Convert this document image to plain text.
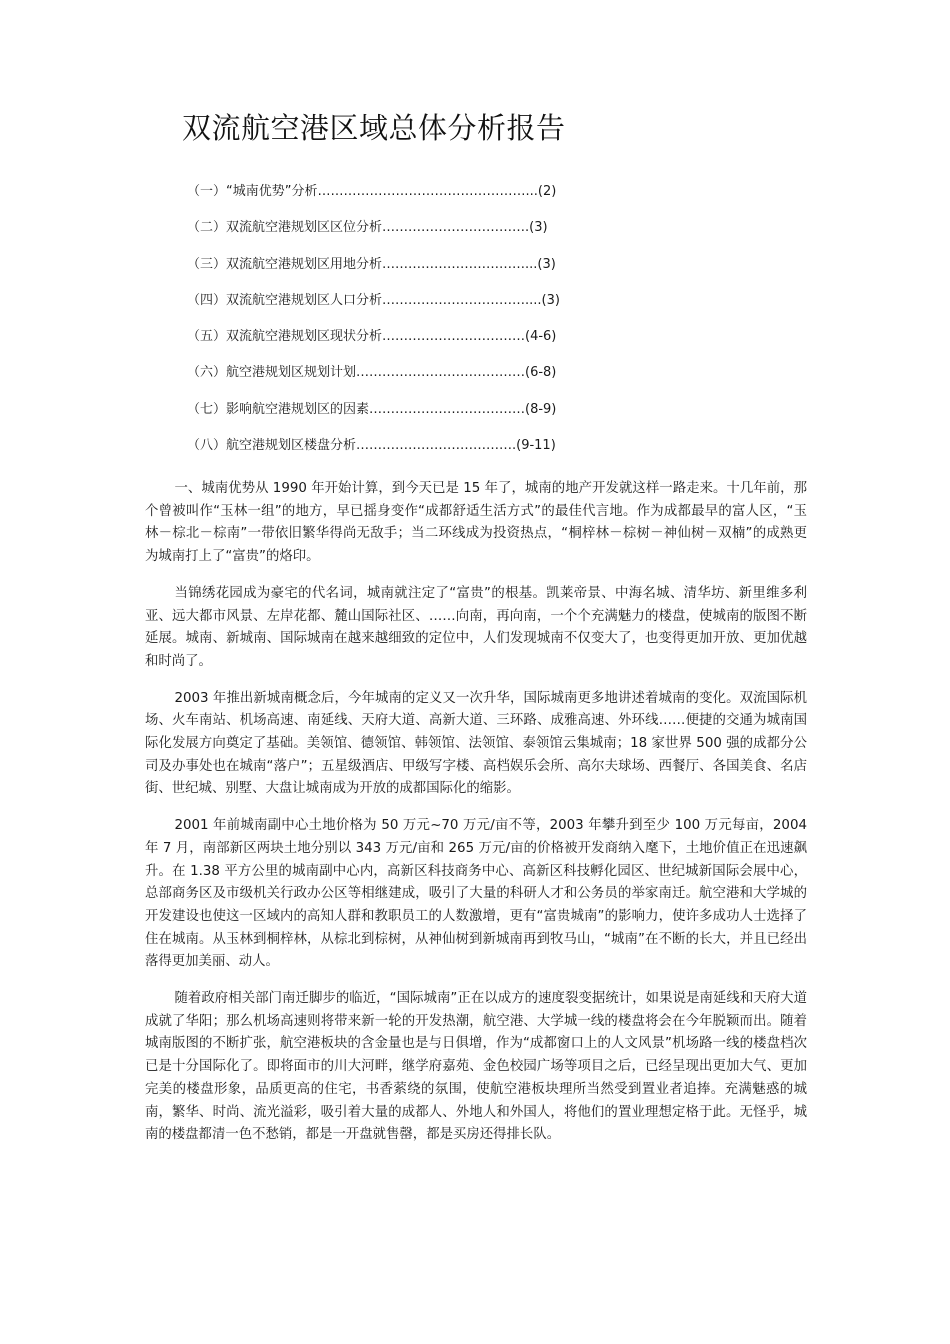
双流航空港区域总体分析报告
（一）“城南优势”分析…………………………………………...(2)
（二）双流航空港规划区区位分析…………………………….(3)
（三）双流航空港规划区用地分析……………………………...(3)
（四）双流航空港规划区人口分析……………………………....(3)
（五）双流航空港规划区现状分析……………………………(4-6)
（六）航空港规划区规划计划…………………………………(6-8)
（七）影响航空港规划区的因素………………………………(8-9)
（八）航空港规划区楼盘分析……………………………….(9-11)

一、城南优势从 1990 年开始计算，到今天已是 15 年了，城南的地产开发就这样一路走来。十几年前，那个曾被叫作“玉林一组”的地方，早已摇身变作“成都舒适生活方式”的最佳代言地。作为成都最早的富人区，“玉林－棕北－棕南”一带依旧繁华得尚无敌手；当二环线成为投资热点，“桐梓林－棕树－神仙树－双楠”的成熟更为城南打上了“富贵”的烙印。

当锦绣花园成为豪宅的代名词，城南就注定了“富贵”的根基。凯莱帝景、中海名城、清华坊、新里维多利亚、远大都市风景、左岸花都、麓山国际社区、……向南，再向南，一个个充满魅力的楼盘，使城南的版图不断延展。城南、新城南、国际城南在越来越细致的定位中，人们发现城南不仅变大了，也变得更加开放、更加优越和时尚了。

2003 年推出新城南概念后，今年城南的定义又一次升华，国际城南更多地讲述着城南的变化。双流国际机场、火车南站、机场高速、南延线、天府大道、高新大道、三环路、成雅高速、外环线……便捷的交通为城南国际化发展方向奠定了基础。美领馆、德领馆、韩领馆、法领馆、泰领馆云集城南；18 家世界 500 强的成都分公司及办事处也在城南“落户”；五星级酒店、甲级写字楼、高档娱乐会所、高尔夫球场、西餐厅、各国美食、名店街、世纪城、别墅、大盘让城南成为开放的成都国际化的缩影。

2001 年前城南副中心土地价格为 50 万元~70 万元/亩不等，2003 年攀升到至少 100 万元每亩，2004 年 7 月，南部新区两块土地分别以 343 万元/亩和 265 万元/亩的价格被开发商纳入麾下，土地价值正在迅速飙升。在 1.38 平方公里的城南副中心内，高新区科技商务中心、高新区科技孵化园区、世纪城新国际会展中心，总部商务区及市级机关行政办公区等相继建成，吸引了大量的科研人才和公务员的举家南迁。航空港和大学城的开发建设也使这一区域内的高知人群和教职员工的人数激增，更有“富贵城南”的影响力，使许多成功人士选择了住在城南。从玉林到桐梓林，从棕北到棕树，从神仙树到新城南再到牧马山，“城南”在不断的长大，并且已经出落得更加美丽、动人。

随着政府相关部门南迁脚步的临近，“国际城南”正在以成方的速度裂变据统计，如果说是南延线和天府大道成就了华阳；那么机场高速则将带来新一轮的开发热潮，航空港、大学城一线的楼盘将会在今年脱颖而出。随着城南版图的不断扩张，航空港板块的含金量也是与日俱增，作为“成都窗口上的人文风景”机场路一线的楼盘档次已是十分国际化了。即将面市的川大河畔，继学府嘉苑、金色校园广场等项目之后，已经呈现出更加大气、更加完美的楼盘形象，品质更高的住宅，书香萦绕的氛围，使航空港板块理所当然受到置业者追捧。充满魅惑的城南，繁华、时尚、流光溢彩，吸引着大量的成都人、外地人和外国人，将他们的置业理想定格于此。无怪乎，城南的楼盘都清一色不愁销，都是一开盘就售罄，都是买房还得排长队。
